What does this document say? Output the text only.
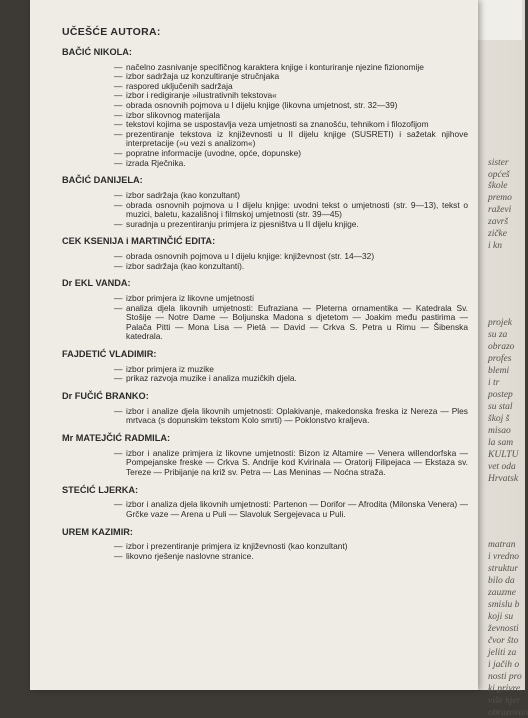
sister
općeš
škole
premo
raževi
završ
zičke
i kn
projek
su za
obrazo
profes
blemi
i tr
postep
su stal
škoj š
misao
la sam
KULTU
vet oda
Hrvatsk
matran
i vredno
struktur
bilo da
zauzme
smislu b
koji su
ževnosti
čvor što
jeliti za
i jačih o
nosti pro
ki privre
više hjer
obrazovan
UČEŠĆE AUTORA:
BAČIĆ NIKOLA:
— načelno zasnivanje specifičnog karaktera knjige i konturiranje njezine fizionomije
— izbor sadržaja uz konzultiranje stručnjaka
— raspored uključenih sadržaja
— izbor i redigiranje »ilustrativnih tekstova«
— obrada osnovnih pojmova u I dijelu knjige (likovna umjetnost, str. 32—39)
— izbor slikovnog materijala
— tekstovi kojima se uspostavlja veza umjetnosti sa znanošću, tehnikom i filozofijom
— prezentiranje tekstova iz književnosti u II dijelu knjige (SUSRETI) i sažetak njihove interpretacije (»u vezi s analizom«)
— popratne informacije (uvodne, opće, dopunske)
— izrada Rječnika.
BAČIĆ DANIJELA:
— izbor sadržaja (kao konzultant)
— obrada osnovnih pojmova u I dijelu knjige: uvodni tekst o umjetnosti (str. 9—13), tekst o muzici, baletu, kazališnoj i filmskoj umjetnosti (str. 39—45)
— suradnja u prezentiranju primjera iz pjesništva u II dijelu knjige.
CEK KSENIJA i MARTINČIĆ EDITA:
— obrada osnovnih pojmova u I dijelu knjige: književnost (str. 14—32)
— izbor sadržaja (kao konzultanti).
Dr EKL VANDA:
— izbor primjera iz likovne umjetnosti
— analiza djela likovnih umjetnosti: Eufraziana — Pleterna ornamentika — Katedrala Sv. Stošije — Notre Dame — Boljunska Madona s djetetom — Joakim među pastirima — Palača Pitti — Mona Lisa — Pietà — David — Crkva S. Petra u Rimu — Šibenska katedrala.
FAJDETIĆ VLADIMIR:
— izbor primjera iz muzike
— prikaz razvoja muzike i analiza muzičkih djela.
Dr FUČIĆ BRANKO:
— izbor i analize djela likovnih umjetnosti: Oplakivanje, makedonska freska iz Nereza — Ples mrtvaca (s dopunskim tekstom Kolo smrti) — Poklonstvo kraljeva.
Mr MATEJČIĆ RADMILA:
— izbor i analize primjera iz likovne umjetnosti: Bizon iz Altamire — Venera willendorfska — Pompejanske freske — Crkva S. Andrije kod Kvirinala — Oratorij Filipejaca — Ekstaza sv. Tereze — Pribijanje na križ sv. Petra — Las Meninas — Noćna straža.
STEĆIĆ LJERKA:
— izbor i analiza djela likovnih umjetnosti: Partenon — Dorifor — Afrodita (Milonska Venera) — Grčke vaze — Arena u Puli — Slavoluk Sergejevaca u Puli.
UREM KAZIMIR:
— izbor i prezentiranje primjera iz književnosti (kao konzultant)
— likovno rješenje naslovne stranice.
